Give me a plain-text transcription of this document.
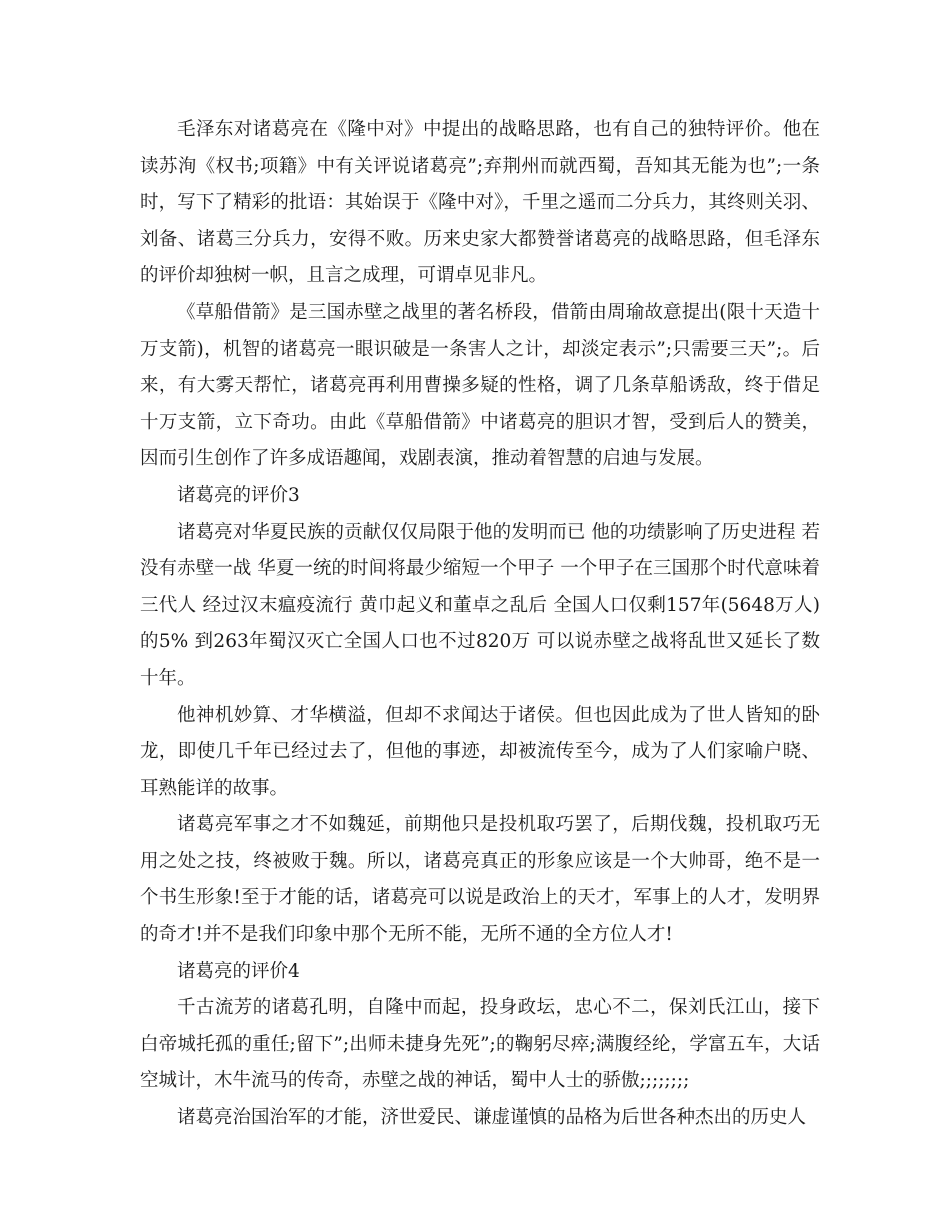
毛泽东对诸葛亮在《隆中对》中提出的战略思路，也有自己的独特评价。他在读苏洵《权书;项籍》中有关评说诸葛亮”;弃荆州而就西蜀，吾知其无能为也”;一条时，写下了精彩的批语：其始误于《隆中对》，千里之遥而二分兵力，其终则关羽、刘备、诸葛三分兵力，安得不败。历来史家大都赞誉诸葛亮的战略思路，但毛泽东的评价却独树一帜，且言之成理，可谓卓见非凡。

《草船借箭》是三国赤壁之战里的著名桥段，借箭由周瑜故意提出(限十天造十万支箭)，机智的诸葛亮一眼识破是一条害人之计，却淡定表示”;只需要三天”;。后来，有大雾天帮忙，诸葛亮再利用曹操多疑的性格，调了几条草船诱敌，终于借足十万支箭，立下奇功。由此《草船借箭》中诸葛亮的胆识才智，受到后人的赞美，因而引生创作了许多成语趣闻，戏剧表演，推动着智慧的启迪与发展。

诸葛亮的评价3

诸葛亮对华夏民族的贡献仅仅局限于他的发明而已 他的功绩影响了历史进程 若没有赤壁一战 华夏一统的时间将最少缩短一个甲子 一个甲子在三国那个时代意味着三代人 经过汉末瘟疫流行 黄巾起义和董卓之乱后 全国人口仅剩157年(5648万人)的5% 到263年蜀汉灭亡全国人口也不过820万 可以说赤壁之战将乱世又延长了数十年。

他神机妙算、才华横溢，但却不求闻达于诸侯。但也因此成为了世人皆知的卧龙，即使几千年已经过去了，但他的事迹，却被流传至今，成为了人们家喻户晓、耳熟能详的故事。

诸葛亮军事之才不如魏延，前期他只是投机取巧罢了，后期伐魏，投机取巧无用之处之技，终被败于魏。所以，诸葛亮真正的形象应该是一个大帅哥，绝不是一个书生形象!至于才能的话，诸葛亮可以说是政治上的天才，军事上的人才，发明界的奇才!并不是我们印象中那个无所不能，无所不通的全方位人才!

诸葛亮的评价4

千古流芳的诸葛孔明，自隆中而起，投身政坛，忠心不二，保刘氏江山，接下白帝城托孤的重任;留下”;出师未捷身先死”;的鞠躬尽瘁;满腹经纶，学富五车，大话空城计，木牛流马的传奇，赤壁之战的神话，蜀中人士的骄傲;;;;;;;;

诸葛亮治国治军的才能，济世爱民、谦虚谨慎的品格为后世各种杰出的历史人
